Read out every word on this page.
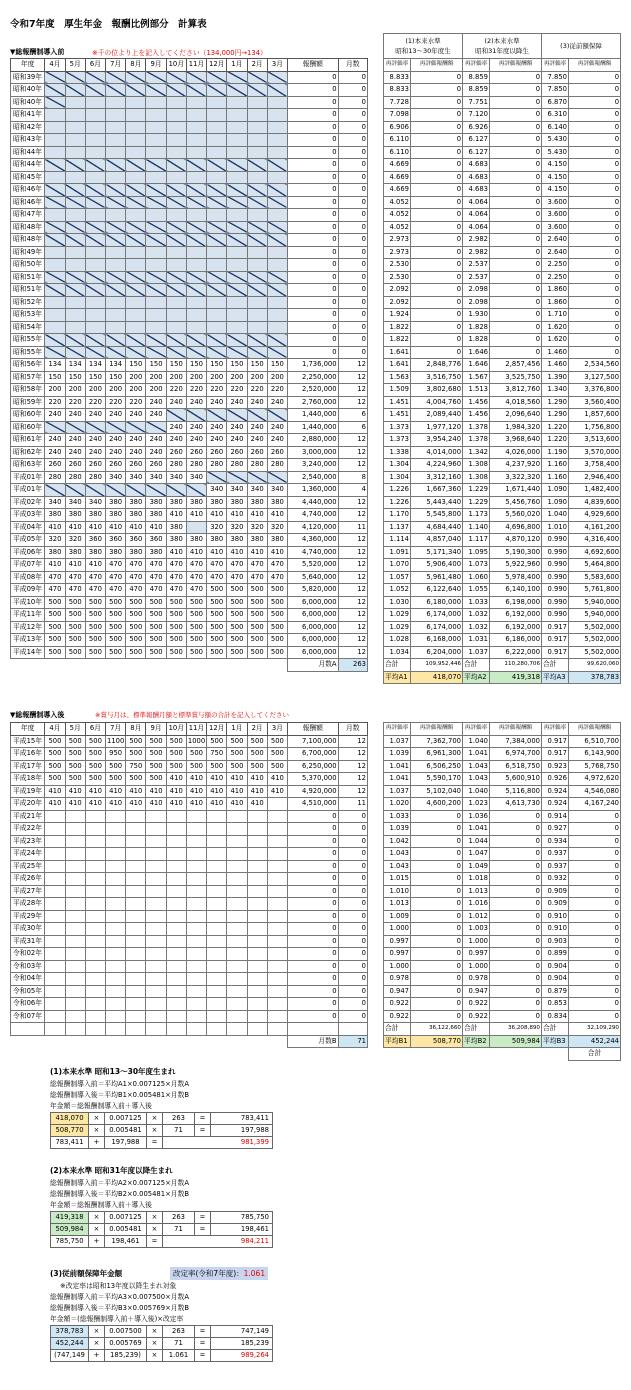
令和7年度　厚生年金　報酬比例部分　計算表
▼総報酬制導入前	※千の位より上を記入してください（134,000円→134）
年度	4月	5月	6月	7月	8月	9月	10月	11月	12月	1月	2月	3月	報酬額	月数
昭和39年													0	0
昭和40年													0	0
昭和40年													0	0
昭和41年													0	0
昭和42年													0	0
昭和43年													0	0
昭和44年													0	0
昭和44年													0	0
昭和45年													0	0
昭和46年													0	0
昭和46年													0	0
昭和47年													0	0
昭和48年													0	0
昭和48年													0	0
昭和49年													0	0
昭和50年													0	0
昭和51年													0	0
昭和51年													0	0
昭和52年													0	0
昭和53年													0	0
昭和54年													0	0
昭和55年													0	0
昭和55年													0	0
昭和56年	134	134	134	134	150	150	150	150	150	150	150	150	1,736,000	12
昭和57年	150	150	150	150	200	200	200	200	200	200	200	200	2,250,000	12
昭和58年	200	200	200	200	200	200	220	220	220	220	220	220	2,520,000	12
昭和59年	220	220	220	220	220	240	240	240	240	240	240	240	2,760,000	12
昭和60年	240	240	240	240	240	240							1,440,000	6
昭和60年							240	240	240	240	240	240	1,440,000	6
昭和61年	240	240	240	240	240	240	240	240	240	240	240	240	2,880,000	12
昭和62年	240	240	240	240	240	240	260	260	260	260	260	260	3,000,000	12
昭和63年	260	260	260	260	260	260	280	280	280	280	280	280	3,240,000	12
平成01年	280	280	280	340	340	340	340	340					2,540,000	8
平成01年									340	340	340	340	1,360,000	4
平成02年	340	340	340	380	380	380	380	380	380	380	380	380	4,440,000	12
平成03年	380	380	380	380	380	380	410	410	410	410	410	410	4,740,000	12
平成04年	410	410	410	410	410	410	380		320	320	320	320	4,120,000	11
平成05年	320	320	360	360	360	360	380	380	380	380	380	380	4,360,000	12
平成06年	380	380	380	380	380	380	410	410	410	410	410	410	4,740,000	12
平成07年	410	410	410	470	470	470	470	470	470	470	470	470	5,520,000	12
平成08年	470	470	470	470	470	470	470	470	470	470	470	470	5,640,000	12
平成09年	470	470	470	470	470	470	470	470	500	500	500	500	5,820,000	12
平成10年	500	500	500	500	500	500	500	500	500	500	500	500	6,000,000	12
平成11年	500	500	500	500	500	500	500	500	500	500	500	500	6,000,000	12
平成12年	500	500	500	500	500	500	500	500	500	500	500	500	6,000,000	12
平成13年	500	500	500	500	500	500	500	500	500	500	500	500	6,000,000	12
平成14年	500	500	500	500	500	500	500	500	500	500	500	500	6,000,000	12
													月数A	263
(1)本来水準
昭和13〜30年度生		(2)本来水準
昭和31年度以降生		(3)従前額保障	
再評価率	再評価報酬額	再評価率	再評価報酬額	再評価率	再評価報酬額
8.833	0	8.859	0	7.850	0
8.833	0	8.859	0	7.850	0
7.728	0	7.751	0	6.870	0
7.098	0	7.120	0	6.310	0
6.906	0	6.926	0	6.140	0
6.110	0	6.127	0	5.430	0
6.110	0	6.127	0	5.430	0
4.669	0	4.683	0	4.150	0
4.669	0	4.683	0	4.150	0
4.669	0	4.683	0	4.150	0
4.052	0	4.064	0	3.600	0
4.052	0	4.064	0	3.600	0
4.052	0	4.064	0	3.600	0
2.973	0	2.982	0	2.640	0
2.973	0	2.982	0	2.640	0
2.530	0	2.537	0	2.250	0
2.530	0	2.537	0	2.250	0
2.092	0	2.098	0	1.860	0
2.092	0	2.098	0	1.860	0
1.924	0	1.930	0	1.710	0
1.822	0	1.828	0	1.620	0
1.822	0	1.828	0	1.620	0
1.641	0	1.646	0	1.460	0
1.641	2,848,776	1.646	2,857,456	1.460	2,534,560
1.563	3,516,750	1.567	3,525,750	1.390	3,127,500
1.509	3,802,680	1.513	3,812,760	1.340	3,376,800
1.451	4,004,760	1.456	4,018,560	1.290	3,560,400
1.451	2,089,440	1.456	2,096,640	1.290	1,857,600
1.373	1,977,120	1.378	1,984,320	1.220	1,756,800
1.373	3,954,240	1.378	3,968,640	1.220	3,513,600
1.338	4,014,000	1.342	4,026,000	1.190	3,570,000
1.304	4,224,960	1.308	4,237,920	1.160	3,758,400
1.304	3,312,160	1.308	3,322,320	1.160	2,946,400
1.226	1,667,360	1.229	1,671,440	1.090	1,482,400
1.226	5,443,440	1.229	5,456,760	1.090	4,839,600
1.170	5,545,800	1.173	5,560,020	1.040	4,929,600
1.137	4,684,440	1.140	4,696,800	1.010	4,161,200
1.114	4,857,040	1.117	4,870,120	0.990	4,316,400
1.091	5,171,340	1.095	5,190,300	0.990	4,692,600
1.070	5,906,400	1.073	5,922,960	0.990	5,464,800
1.057	5,961,480	1.060	5,978,400	0.990	5,583,600
1.052	6,122,640	1.055	6,140,100	0.990	5,761,800
1.030	6,180,000	1.033	6,198,000	0.990	5,940,000
1.029	6,174,000	1.032	6,192,000	0.990	5,940,000
1.029	6,174,000	1.032	6,192,000	0.917	5,502,000
1.028	6,168,000	1.031	6,186,000	0.917	5,502,000
1.034	6,204,000	1.037	6,222,000	0.917	5,502,000
合計	109,952,446	合計	110,280,706	合計	99,620,060
平均A1	418,070	平均A2	419,318	平均A3	378,783
▼総報酬制導入後	※賞与月は、標準報酬月額と標準賞与額の合計を記入してください
年度	4月	5月	6月	7月	8月	9月	10月	11月	12月	1月	2月	3月	報酬額	月数
平成15年	500	500	500	1100	500	500	500	1000	500	500	500	500	7,100,000	12
平成16年	500	500	500	950	500	500	500	500	750	500	500	500	6,700,000	12
平成17年	500	500	500	500	750	500	500	500	500	500	500	500	6,250,000	12
平成18年	500	500	500	500	500	500	410	410	410	410	410	410	5,370,000	12
平成19年	410	410	410	410	410	410	410	410	410	410	410	410	4,920,000	12
平成20年	410	410	410	410	410	410	410	410	410	410	410		4,510,000	11
平成21年													0	0
平成22年													0	0
平成23年													0	0
平成24年													0	0
平成25年													0	0
平成26年													0	0
平成27年													0	0
平成28年													0	0
平成29年													0	0
平成30年													0	0
平成31年													0	0
令和02年													0	0
令和03年													0	0
令和04年													0	0
令和05年													0	0
令和06年													0	0
令和07年													0	0

													月数B	71
再評価率	再評価報酬額	再評価率	再評価報酬額	再評価率	再評価報酬額
1.037	7,362,700	1.040	7,384,000	0.917	6,510,700
1.039	6,961,300	1.041	6,974,700	0.917	6,143,900
1.041	6,506,250	1.043	6,518,750	0.923	5,768,750
1.041	5,590,170	1.043	5,600,910	0.926	4,972,620
1.037	5,102,040	1.040	5,116,800	0.924	4,546,080
1.020	4,600,200	1.023	4,613,730	0.924	4,167,240
1.033	0	1.036	0	0.914	0
1.039	0	1.041	0	0.927	0
1.042	0	1.044	0	0.934	0
1.043	0	1.047	0	0.937	0
1.043	0	1.049	0	0.937	0
1.015	0	1.018	0	0.932	0
1.010	0	1.013	0	0.909	0
1.013	0	1.016	0	0.909	0
1.009	0	1.012	0	0.910	0
1.000	0	1.003	0	0.910	0
0.997	0	1.000	0	0.903	0
0.997	0	0.997	0	0.899	0
1.000	0	1.000	0	0.904	0
0.978	0	0.978	0	0.904	0
0.947	0	0.947	0	0.879	0
0.922	0	0.922	0	0.853	0
0.922	0	0.922	0	0.834	0
合計	36,122,660	合計	36,208,890	合計	32,109,290
平均B1	508,770	平均B2	509,984	平均B3	452,244
					合計
(1)本来水準 昭和13〜30年度生まれ
総報酬制導入前＝平均A1×0.007125×月数A
総報酬制導入後＝平均B1×0.005481×月数B
年金額＝総報酬制導入前＋導入後
418,070	×	0.007125	×	263	=	783,411
508,770	×	0.005481	×	71	=	197,988
783,411	+	197,988	=	981,399		
(2)本来水準 昭和31年度以降生まれ
総報酬制導入前＝平均A2×0.007125×月数A
総報酬制導入後＝平均B2×0.005481×月数B
年金額＝総報酬制導入前＋導入後
419,318	×	0.007125	×	263	=	785,750
509,984	×	0.005481	×	71	=	198,461
785,750	+	198,461	=	984,211		
(3)従前額保障年金額	改定率(令和7年度)：1.061
※改定率は昭和13年度以降生まれ対象
総報酬制導入前＝平均A3×0.007500×月数A
総報酬制導入後＝平均B3×0.005769×月数B
年金額＝(総報酬制導入前＋導入後)×改定率
378,783	×	0.007500	×	263	=	747,149
452,244	×	0.005769	×	71	=	185,239
(747,149	+	185,239)	×	1.061	=	989,264
